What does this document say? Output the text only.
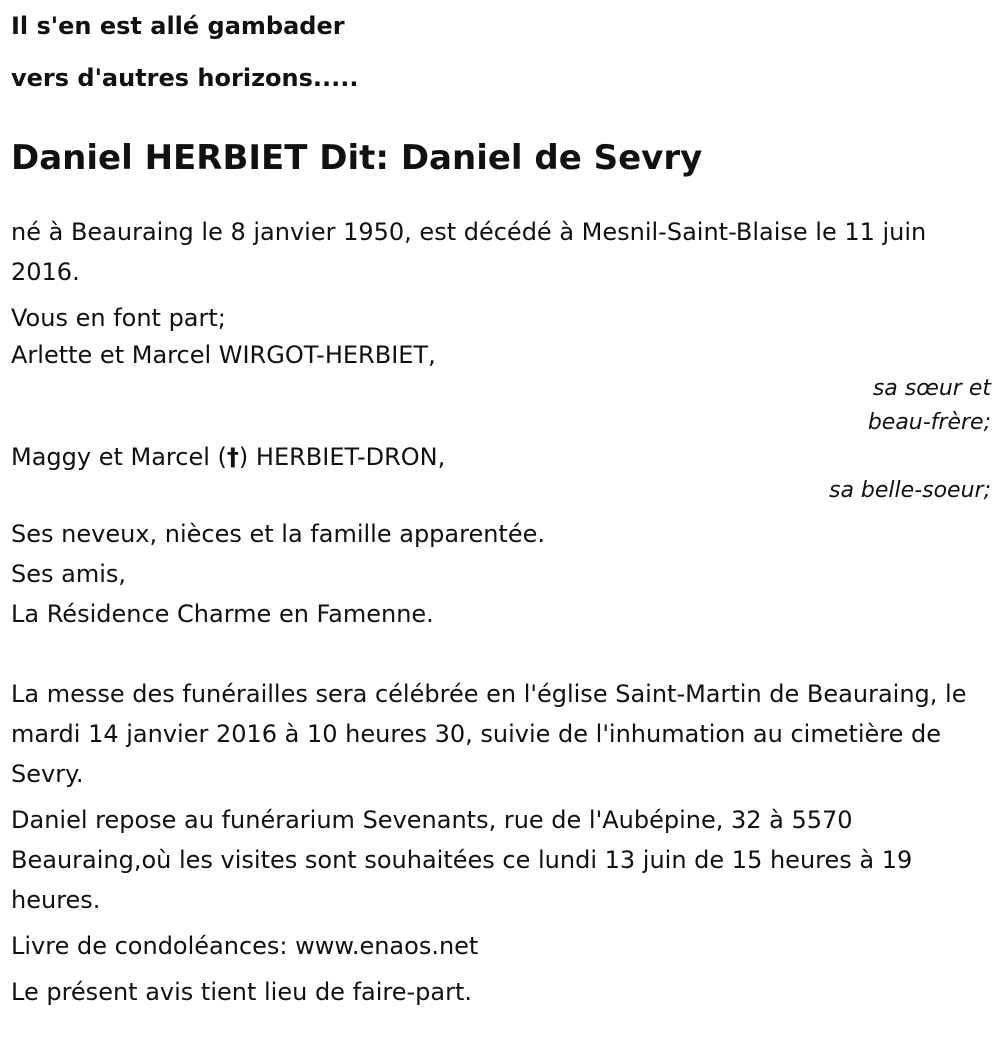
Il s'en est allé gambader

vers d'autres horizons.....

Daniel HERBIET Dit: Daniel de Sevry

né à Beauraing le 8 janvier 1950, est décédé à Mesnil-Saint-Blaise le 11 juin 2016.

Vous en font part;

Arlette et Marcel WIRGOT-HERBIET,

sa sœur et

beau-frère;

Maggy et Marcel (†) HERBIET-DRON,

sa belle-soeur;

Ses neveux, nièces et la famille apparentée.

Ses amis,

La Résidence Charme en Famenne.

La messe des funérailles sera célébrée en l'église Saint-Martin de Beauraing, le mardi 14 janvier 2016 à 10 heures 30, suivie de l'inhumation au cimetière de Sevry.

Daniel repose au funérarium Sevenants, rue de l'Aubépine, 32 à 5570 Beauraing,où les visites sont souhaitées ce lundi 13 juin de 15 heures à 19 heures.

Livre de condoléances: www.enaos.net

Le présent avis tient lieu de faire-part.
